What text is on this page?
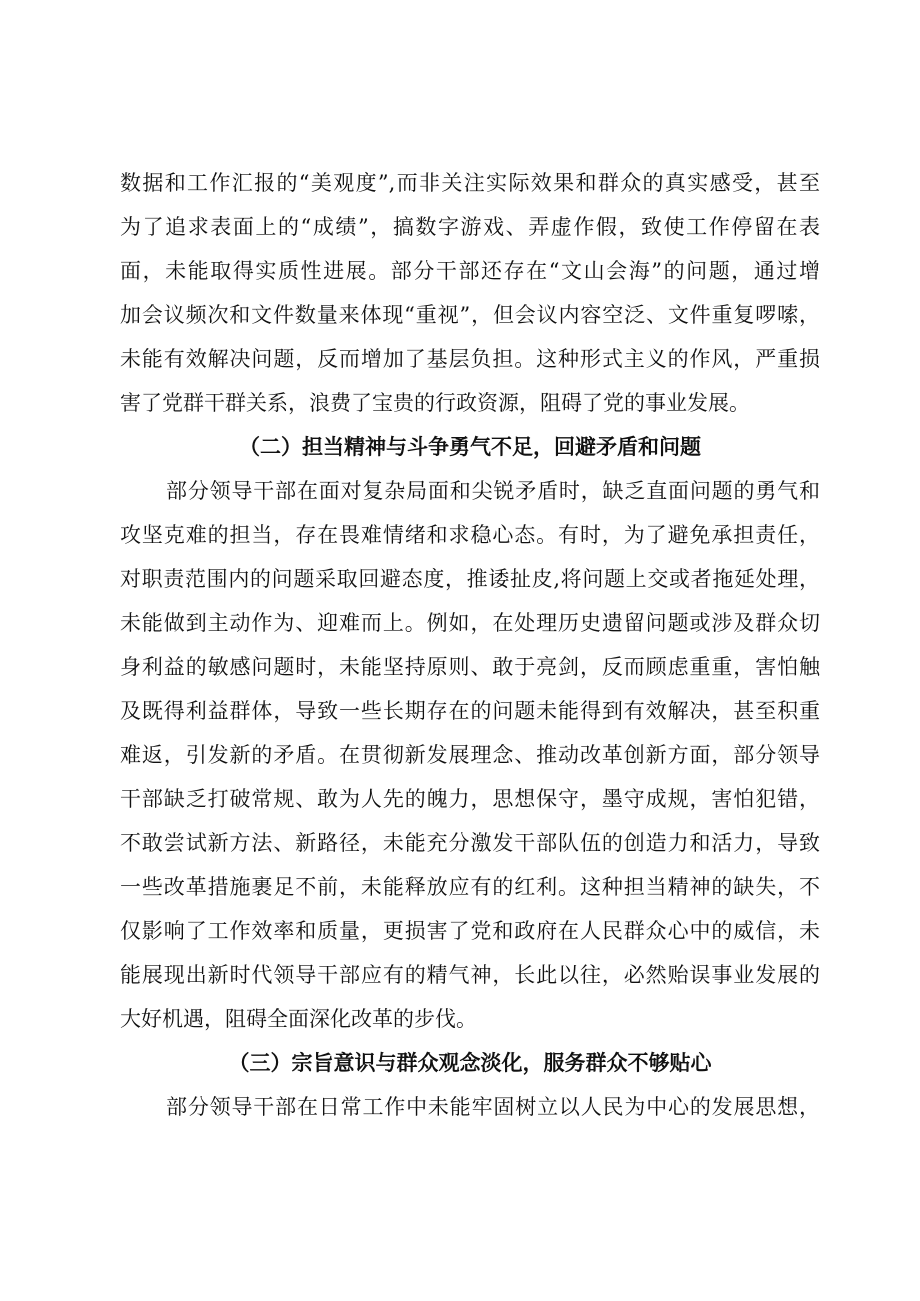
数据和工作汇报的“美观度”,而非关注实际效果和群众的真实感受，甚至
为了追求表面上的“成绩”，搞数字游戏、弄虚作假，致使工作停留在表
面，未能取得实质性进展。部分干部还存在“文山会海”的问题，通过增
加会议频次和文件数量来体现“重视”，但会议内容空泛、文件重复啰嗦，
未能有效解决问题，反而增加了基层负担。这种形式主义的作风，严重损
害了党群干群关系，浪费了宝贵的行政资源，阻碍了党的事业发展。
（二）担当精神与斗争勇气不足，回避矛盾和问题
部分领导干部在面对复杂局面和尖锐矛盾时，缺乏直面问题的勇气和
攻坚克难的担当，存在畏难情绪和求稳心态。有时，为了避免承担责任，
对职责范围内的问题采取回避态度，推诿扯皮,将问题上交或者拖延处理，
未能做到主动作为、迎难而上。例如，在处理历史遗留问题或涉及群众切
身利益的敏感问题时，未能坚持原则、敢于亮剑，反而顾虑重重，害怕触
及既得利益群体，导致一些长期存在的问题未能得到有效解决，甚至积重
难返，引发新的矛盾。在贯彻新发展理念、推动改革创新方面，部分领导
干部缺乏打破常规、敢为人先的魄力，思想保守，墨守成规，害怕犯错，
不敢尝试新方法、新路径，未能充分激发干部队伍的创造力和活力，导致
一些改革措施裹足不前，未能释放应有的红利。这种担当精神的缺失，不
仅影响了工作效率和质量，更损害了党和政府在人民群众心中的威信，未
能展现出新时代领导干部应有的精气神，长此以往，必然贻误事业发展的
大好机遇，阻碍全面深化改革的步伐。
（三）宗旨意识与群众观念淡化，服务群众不够贴心
部分领导干部在日常工作中未能牢固树立以人民为中心的发展思想，
